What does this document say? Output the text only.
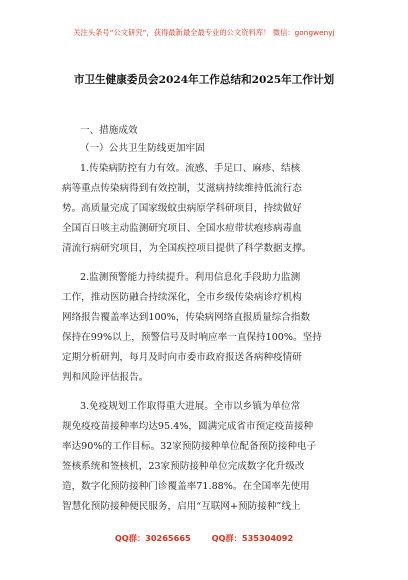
关注头条号“公文研究”，获得最新最全最专业的公文资料库！ 微信：gongwenyj
市卫生健康委员会2024年工作总结和2025年工作计划
一、措施成效
（一）公共卫生防线更加牢固
1.传染病防控有力有效。流感、手足口、麻疹、结核
病等重点传染病得到有效控制，艾滋病持续维持低流行态
势。高质量完成了国家级蚊虫病原学科研项目，持续做好
全国百日咳主动监测研究项目、全国水痘带状疱疹病毒血
清流行病研究项目，为全国疾控项目提供了科学数据支撑。
2.监测预警能力持续提升。利用信息化手段助力监测
工作，推动医防融合持续深化，全市乡级传染病诊疗机构
网络报告覆盖率达到100%，传染病网络直报质量综合指数
保持在99%以上，预警信号及时响应率一直保持100%。坚持
定期分析研判，每月及时向市委市政府报送各病种疫情研
判和风险评估报告。
3.免疫规划工作取得重大进展。全市以乡镇为单位常
规免疫疫苗接种率均达95.4%，圆满完成省市预定疫苗接种
率达90%的工作目标。32家预防接种单位配备预防接种电子
签核系统和签核机，23家预防接种单位完成数字化升级改
造，数字化预防接种门诊覆盖率71.88%。在全国率先使用
智慧化预防接种便民服务，启用“互联网+预防接种”线上
QQ群：30265665	QQ群：535304092
